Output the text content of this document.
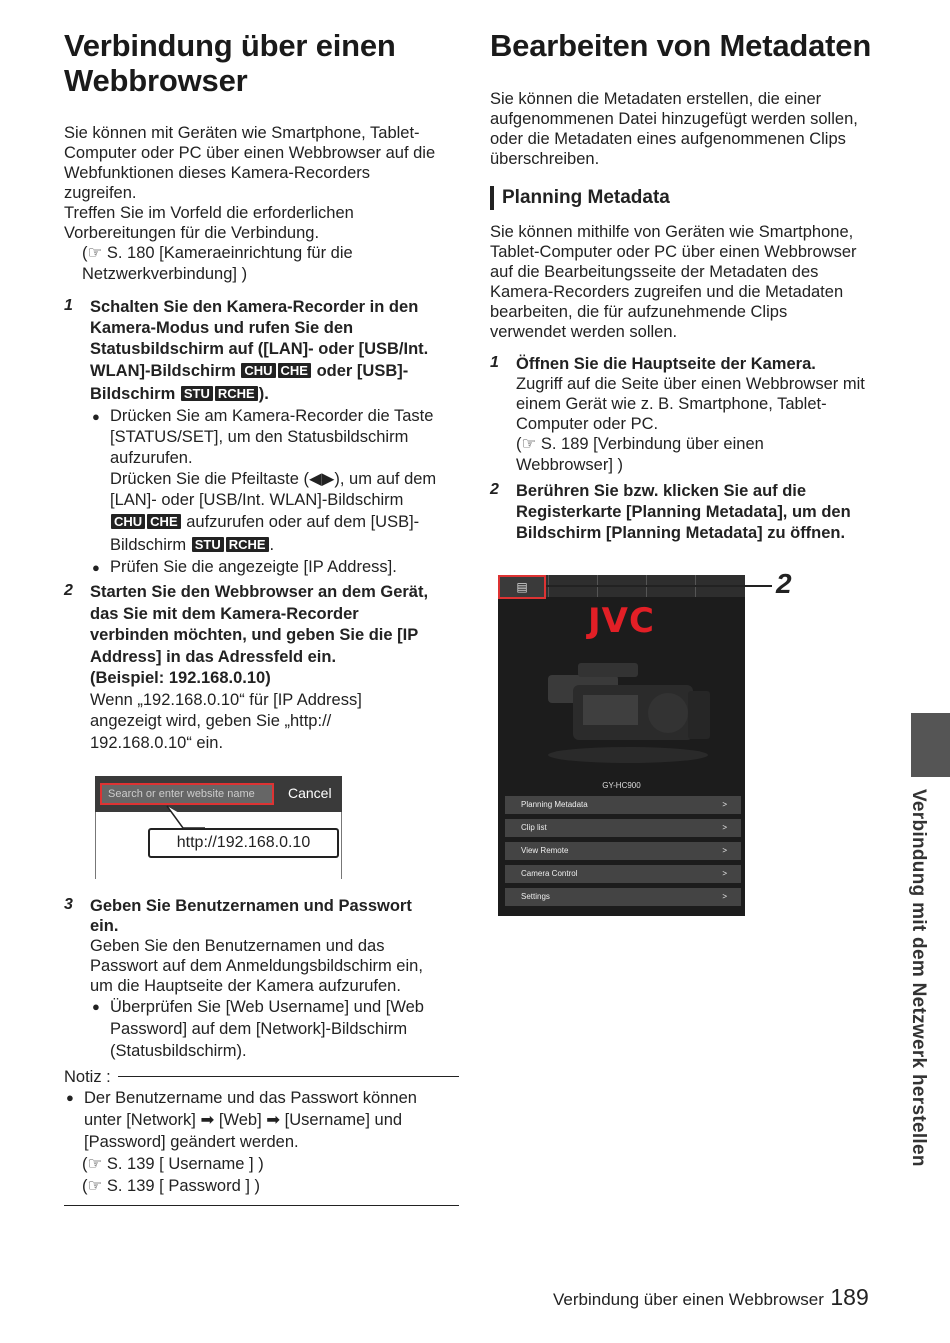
Verbindung über einen
Webbrowser
Sie können mit Geräten wie Smartphone, Tablet-
Computer oder PC über einen Webbrowser auf die
Webfunktionen dieses Kamera-Recorders
zugreifen.
Treffen Sie im Vorfeld die erforderlichen
Vorbereitungen für die Verbindung.
(☞ S. 180 [Kameraeinrichtung für die
Netzwerkverbindung] )
1 Schalten Sie den Kamera-Recorder in den
Kamera-Modus und rufen Sie den
Statusbildschirm auf ([LAN]- oder [USB/Int.
WLAN]-Bildschirm CHU CHE oder [USB]-
Bildschirm STU RCHE ).
● Drücken Sie am Kamera-Recorder die Taste
[STATUS/SET], um den Statusbildschirm
aufzurufen.
Drücken Sie die Pfeiltaste (◀▶), um auf dem
[LAN]- oder [USB/Int. WLAN]-Bildschirm
CHU CHE aufzurufen oder auf dem [USB]-
Bildschirm STU RCHE .
● Prüfen Sie die angezeigte [IP Address].
2 Starten Sie den Webbrowser an dem Gerät,
das Sie mit dem Kamera-Recorder
verbinden möchten, und geben Sie die [IP
Address] in das Adressfeld ein.
(Beispiel: 192.168.0.10)
Wenn „192.168.0.10“ für [IP Address]
angezeigt wird, geben Sie „http://
192.168.0.10“ ein.
Search or enter website name	Cancel
http://192.168.0.10
3 Geben Sie Benutzernamen und Passwort
ein.
Geben Sie den Benutzernamen und das
Passwort auf dem Anmeldungsbildschirm ein,
um die Hauptseite der Kamera aufzurufen.
● Überprüfen Sie [Web Username] und [Web
Password] auf dem [Network]-Bildschirm
(Statusbildschirm).
Notiz :
● Der Benutzername und das Passwort können
unter [Network] ➡ [Web] ➡ [Username] und
[Password] geändert werden.
(☞ S. 139 [ Username ] )
(☞ S. 139 [ Password ] )
Bearbeiten von Metadaten
Sie können die Metadaten erstellen, die einer
aufgenommenen Datei hinzugefügt werden sollen,
oder die Metadaten eines aufgenommenen Clips
überschreiben.
Planning Metadata
Sie können mithilfe von Geräten wie Smartphone,
Tablet-Computer oder PC über einen Webbrowser
auf die Bearbeitungsseite der Metadaten des
Kamera-Recorders zugreifen und die Metadaten
bearbeiten, die für aufzunehmende Clips
verwendet werden sollen.
1 Öffnen Sie die Hauptseite der Kamera.
Zugriff auf die Seite über einen Webbrowser mit
einem Gerät wie z. B. Smartphone, Tablet-
Computer oder PC.
(☞ S. 189 [Verbindung über einen
Webbrowser] )
2 Berühren Sie bzw. klicken Sie auf die
Registerkarte [Planning Metadata], um den
Bildschirm [Planning Metadata] zu öffnen.
▤
JVC
GY-HC900
Planning Metadata	>
Clip list	>
View Remote	>
Camera Control	>
Settings	>
2
Verbindung mit dem Netzwerk herstellen
Verbindung über einen Webbrowser 189
